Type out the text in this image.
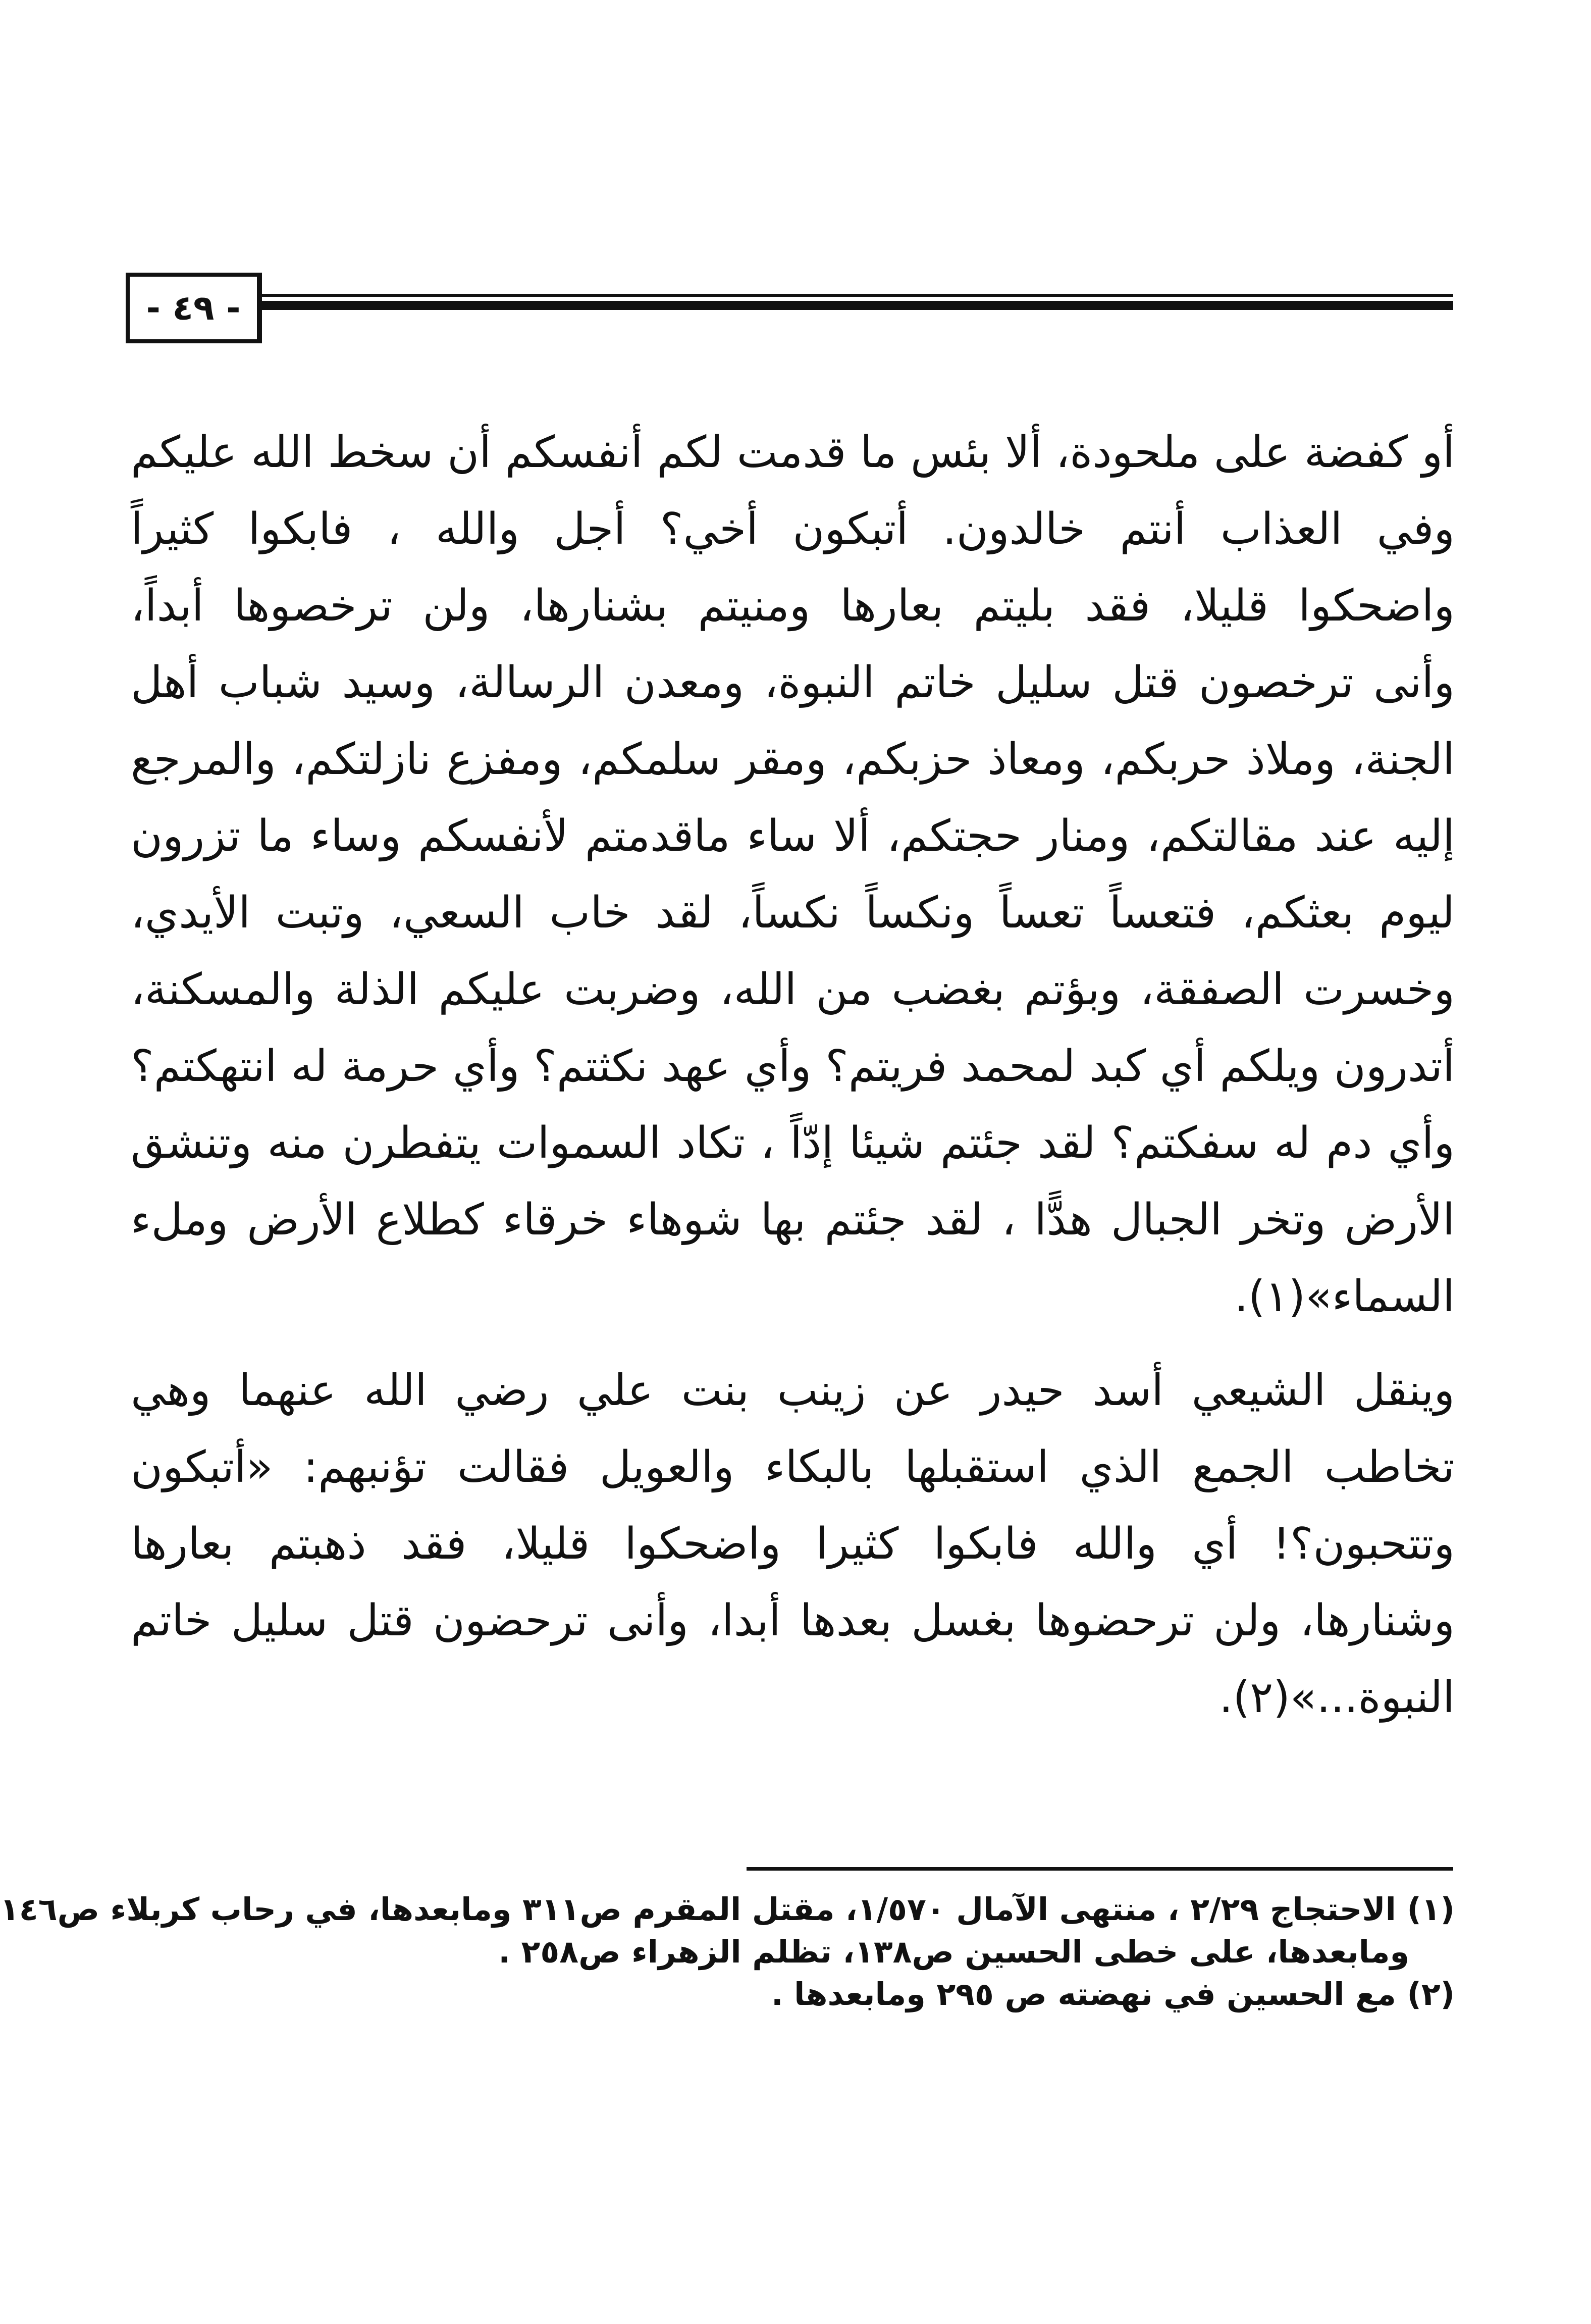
- ٤٩ -
أو كفضة على ملحودة، ألا بئس ما قدمت لكم أنفسكم أن سخط الله عليكم
وفي العذاب أنتم خالدون. أتبكون أخي؟ أجل والله ، فابكوا كثيراً
واضحكوا قليلا، فقد بليتم بعارها ومنيتم بشنارها، ولن ترخصوها أبداً،
وأنى ترخصون قتل سليل خاتم النبوة، ومعدن الرسالة، وسيد شباب أهل
الجنة، وملاذ حربكم، ومعاذ حزبكم، ومقر سلمكم، ومفزع نازلتكم، والمرجع
إليه عند مقالتكم، ومنار حجتكم، ألا ساء ماقدمتم لأنفسكم وساء ما تزرون
ليوم بعثكم، فتعساً تعساً ونكساً نكساً، لقد خاب السعي، وتبت الأيدي،
وخسرت الصفقة، وبؤتم بغضب من الله، وضربت عليكم الذلة والمسكنة،
أتدرون ويلكم أي كبد لمحمد فريتم؟ وأي عهد نكثتم؟ وأي حرمة له انتهكتم؟
وأي دم له سفكتم؟ لقد جئتم شيئا إدّاً ، تكاد السموات يتفطرن منه وتنشق
الأرض وتخر الجبال هدًّا ، لقد جئتم بها شوهاء خرقاء كطلاع الأرض وملء
السماء»(١).
وينقل الشيعي أسد حيدر عن زينب بنت علي رضي الله عنهما وهي
تخاطب الجمع الذي استقبلها بالبكاء والعويل فقالت تؤنبهم: «أتبكون
وتتحبون؟! أي والله فابكوا كثيرا واضحكوا قليلا، فقد ذهبتم بعارها
وشنارها، ولن ترحضوها بغسل بعدها أبدا، وأنى ترحضون قتل سليل خاتم
النبوة...»(٢).
(١) الاحتجاج ٢/٢٩ ، منتهى الآمال ١/٥٧٠، مقتل المقرم ص٣١١ ومابعدها، في رحاب كربلاء ص١٤٦
ومابعدها، على خطى الحسين ص١٣٨، تظلم الزهراء ص٢٥٨ .
(٢) مع الحسين في نهضته ص ٢٩٥ ومابعدها .
